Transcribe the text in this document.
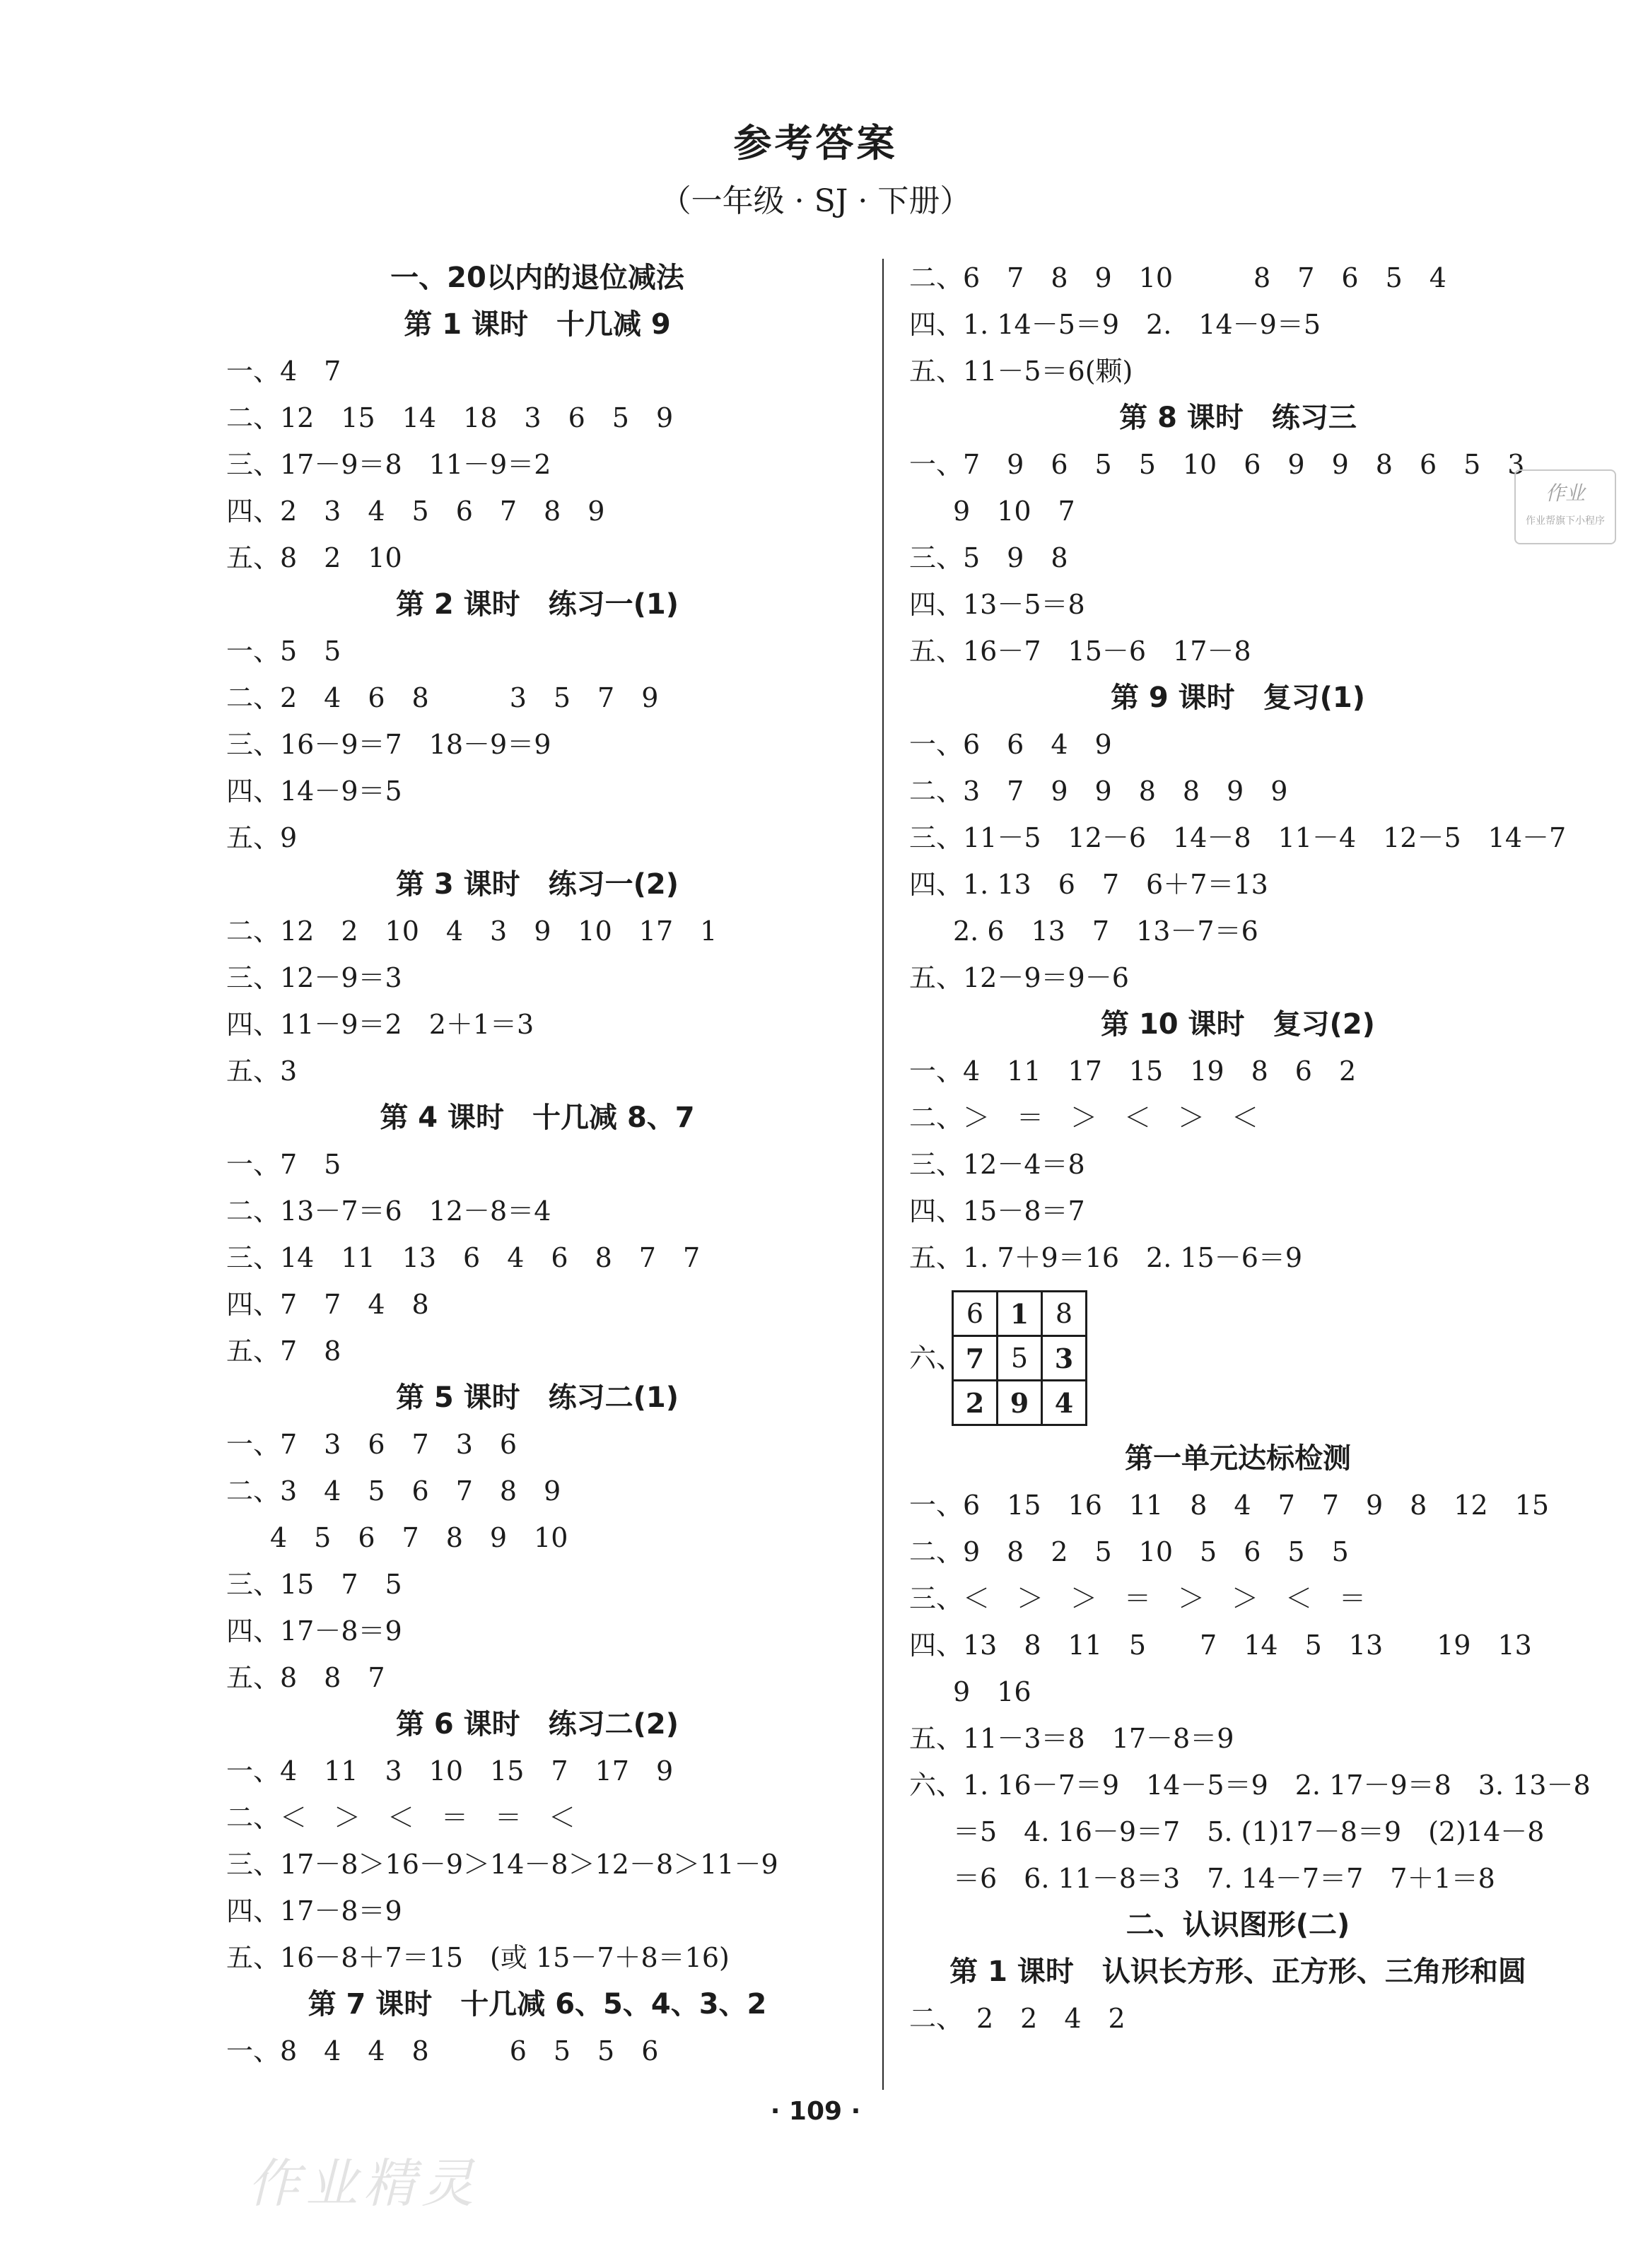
参考答案
（一年级 · SJ · 下册）
一、20以内的退位减法
第 1 课时　十几减 9
一、4　7
二、12　15　14　18　3　6　5　9
三、17－9＝8　11－9＝2
四、2　3　4　5　6　7　8　9
五、8　2　10
第 2 课时　练习一(1)
一、5　5
二、2　4　6　8　　　3　5　7　9
三、16－9＝7　18－9＝9
四、14－9＝5
五、9
第 3 课时　练习一(2)
二、12　2　10　4　3　9　10　17　1
三、12－9＝3
四、11－9＝2　2＋1＝3
五、3
第 4 课时　十几减 8、7
一、7　5
二、13－7＝6　12－8＝4
三、14　11　13　6　4　6　8　7　7
四、7　7　4　8
五、7　8
第 5 课时　练习二(1)
一、7　3　6　7　3　6
二、3　4　5　6　7　8　9
4　5　6　7　8　9　10
三、15　7　5
四、17－8＝9
五、8　8　7
第 6 课时　练习二(2)
一、4　11　3　10　15　7　17　9
二、＜　＞　＜　＝　＝　＜
三、17－8＞16－9＞14－8＞12－8＞11－9
四、17－8＝9
五、16－8＋7＝15　(或 15－7＋8＝16)
第 7 课时　十几减 6、5、4、3、2
一、8　4　4　8　　　6　5　5　6
二、6　7　8　9　10　　　8　7　6　5　4
四、1. 14－5＝9　2.　14－9＝5
五、11－5＝6(颗)
第 8 课时　练习三
一、7　9　6　5　5　10　6　9　9　8　6　5　3
9　10　7
三、5　9　8
四、13－5＝8
五、16－7　15－6　17－8
第 9 课时　复习(1)
一、6　6　4　9
二、3　7　9　9　8　8　9　9
三、11－5　12－6　14－8　11－4　12－5　14－7
四、1. 13　6　7　6＋7＝13
2. 6　13　7　13－7＝6
五、12－9＝9－6
第 10 课时　复习(2)
一、4　11　17　15　19　8　6　2
二、＞　＝　＞　＜　＞　＜
三、12－4＝8
四、15－8＝7
五、1. 7＋9＝16　2. 15－6＝9
六、
6	1	8
7	5	3
2	9	4
第一单元达标检测
一、6　15　16　11　8　4　7　7　9　8　12　15
二、9　8　2　5　10　5　6　5　5
三、＜　＞　＞　＝　＞　＞　＜　＝
四、13　8　11　5　　7　14　5　13　　19　13
9　16
五、11－3＝8　17－8＝9
六、1. 16－7＝9　14－5＝9　2. 17－9＝8　3. 13－8
＝5　4. 16－9＝7　5. (1)17－8＝9　(2)14－8
＝6　6. 11－8＝3　7. 14－7＝7　7＋1＝8
二、认识图形(二)
第 1 课时　认识长方形、正方形、三角形和圆
二、　2　2　4　2
作业
作业帮旗下小程序
作业精灵
· 109 ·
